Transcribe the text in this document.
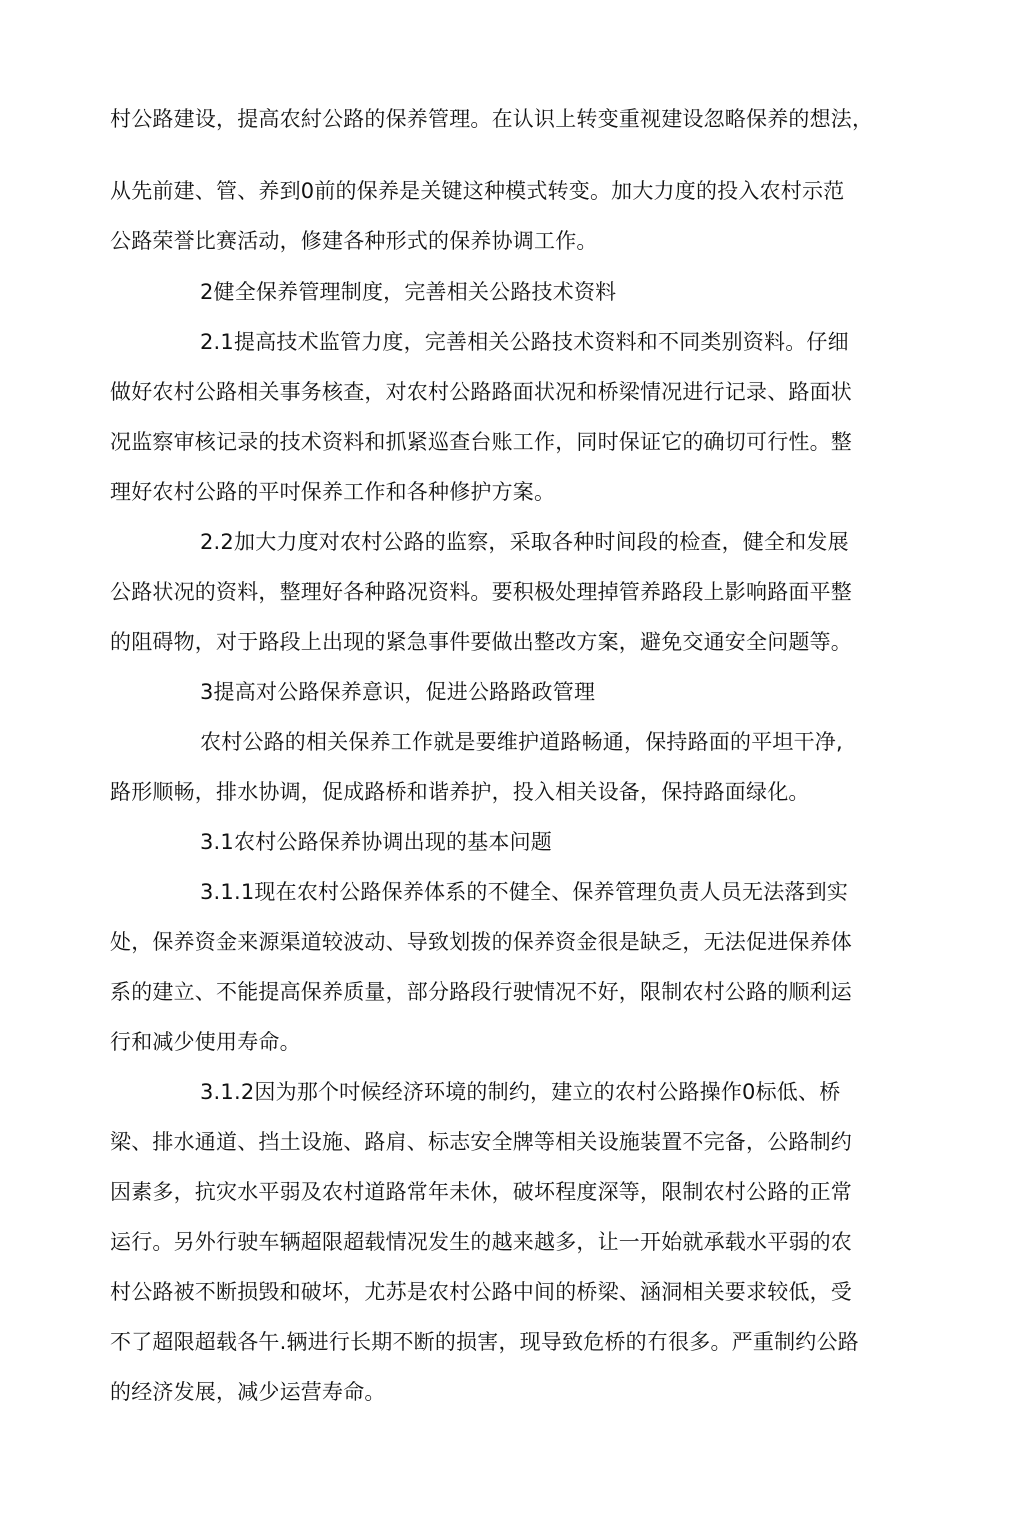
村公路建设，提高农紂公路的保养管理。在认识上转变重视建设忽略保养的想法，
从先前建、管、养到0前的保养是关键这种模式转变。加大力度的投入农村示范
公路荣誉比赛活动，修建各种形式的保养协调工作。
2健全保养管理制度，完善相关公路技术资料
2.1提高技术监管力度，完善相关公路技术资料和不同类别资料。仔细
做好农村公路相关事务核查，对农村公路路面状况和桥梁情况进行记录、路面状
况监察审核记录的技术资料和抓紧巡查台账工作，同时保证它的确切可行性。整
理好农村公路的平吋保养工作和各种修护方案。
2.2加大力度对农村公路的监察，采取各种时间段的检查，健全和发展
公路状况的资料，整理好各种路况资料。要积极处理掉管养路段上影响路面平整
的阻碍物，对于路段上出现的紧急事件要做出整改方案，避免交通安全问题等。
3提高对公路保养意识，促进公路路政管理
农村公路的相关保养工作就是要维护道路畅通，保持路面的平坦干净,
路形顺畅，排水协调，促成路桥和谐养护，投入相关设备，保持路面绿化。
3.1农村公路保养协调出现的基本问题
3.1.1现在农村公路保养体系的不健全、保养管理负责人员无法落到实
处，保养资金来源渠道较波动、导致划拨的保养资金很是缺乏，无法促进保养体
系的建立、不能提高保养质量，部分路段行驶情况不好，限制农村公路的顺利运
行和减少使用寿命。
3.1.2因为那个吋候经济环境的制约，建立的农村公路操作0标低、桥
梁、排水通道、挡土设施、路肩、标志安全牌等相关设施装置不完备，公路制约
因素多，抗灾水平弱及农村道路常年未休，破坏程度深等，限制农村公路的正常
运行。另外行驶车辆超限超载情况发生的越来越多，让一开始就承载水平弱的农
村公路被不断损毁和破坏，尤苏是农村公路中间的桥梁、涵洞相关要求较低，受
不了超限超载各午.辆进行长期不断的损害，现导致危桥的冇很多。严重制约公路
的经济发展，减少运营寿命。
